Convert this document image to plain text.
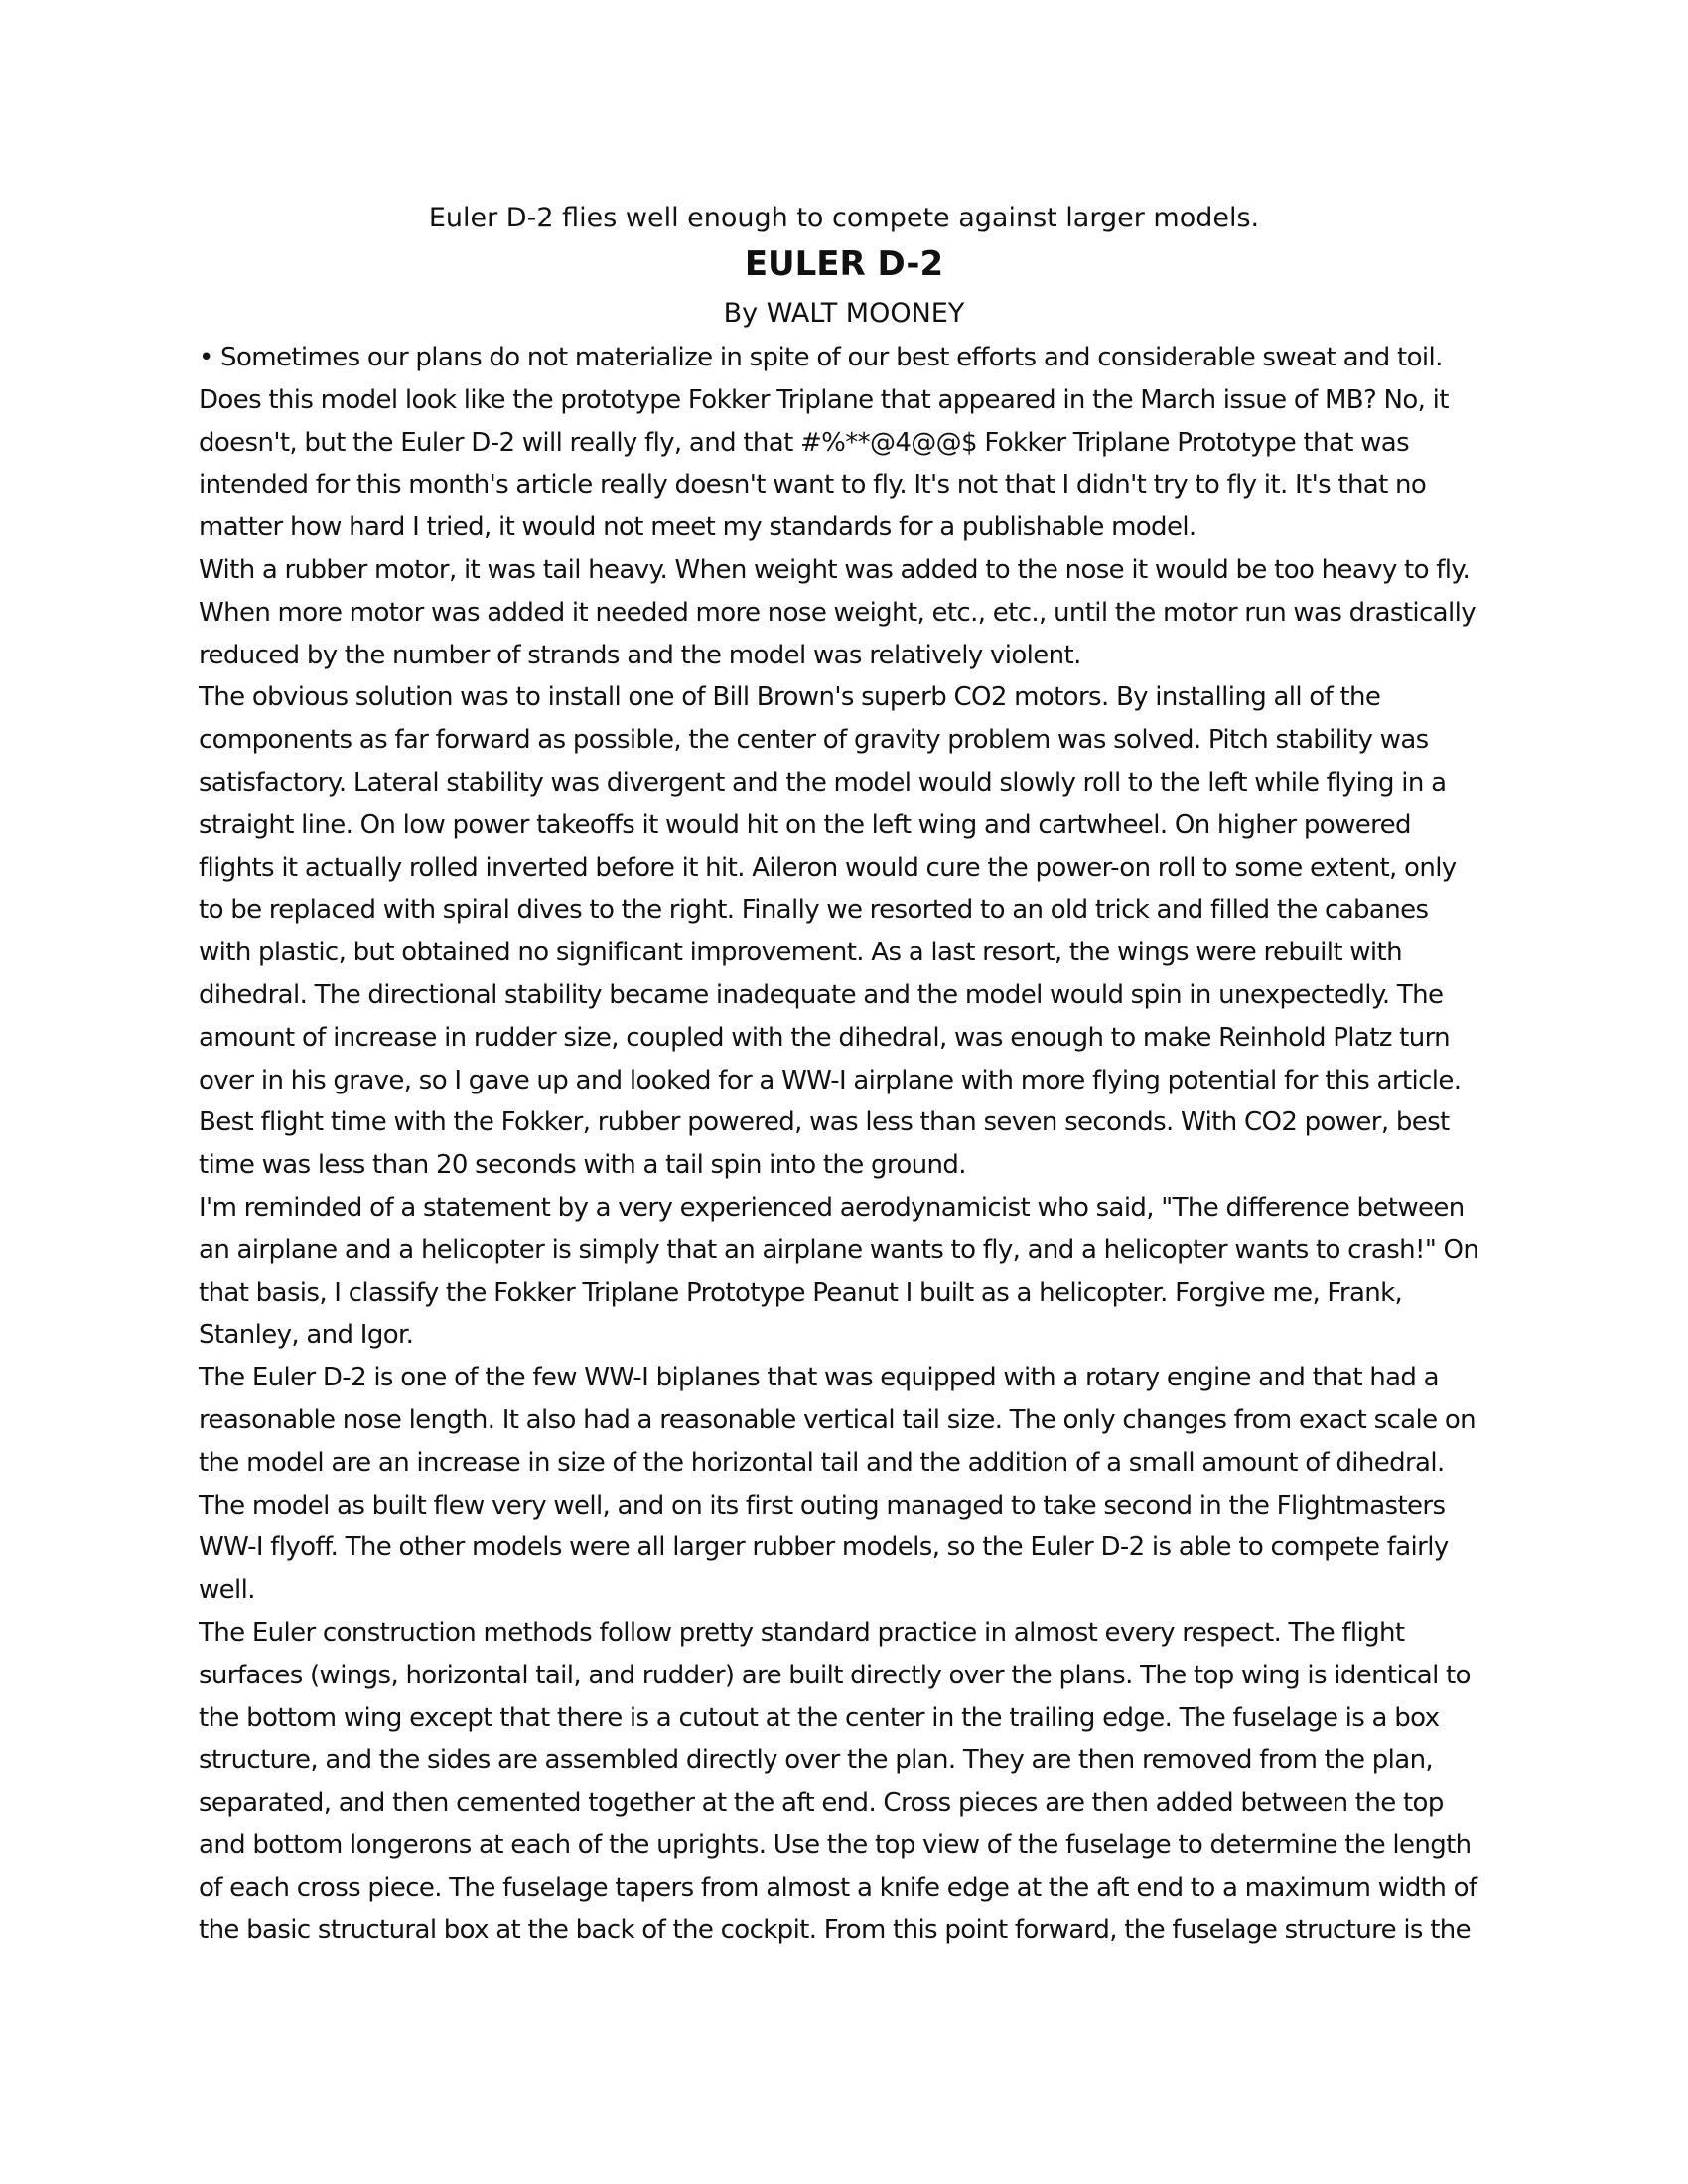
Euler D-2 flies well enough to compete against larger models.
EULER D-2
By WALT MOONEY
• Sometimes our plans do not materialize in spite of our best efforts and considerable sweat and toil.
Does this model look like the prototype Fokker Triplane that appeared in the March issue of MB? No, it
doesn't, but the Euler D-2 will really fly, and that #%**@4@@$ Fokker Triplane Prototype that was
intended for this month's article really doesn't want to fly. It's not that I didn't try to fly it. It's that no
matter how hard I tried, it would not meet my standards for a publishable model.
With a rubber motor, it was tail heavy. When weight was added to the nose it would be too heavy to fly.
When more motor was added it needed more nose weight, etc., etc., until the motor run was drastically
reduced by the number of strands and the model was relatively violent.
The obvious solution was to install one of Bill Brown's superb CO2 motors. By installing all of the
components as far forward as possible, the center of gravity problem was solved. Pitch stability was
satisfactory. Lateral stability was divergent and the model would slowly roll to the left while flying in a
straight line. On low power takeoffs it would hit on the left wing and cartwheel. On higher powered
flights it actually rolled inverted before it hit. Aileron would cure the power-on roll to some extent, only
to be replaced with spiral dives to the right. Finally we resorted to an old trick and filled the cabanes
with plastic, but obtained no significant improvement. As a last resort, the wings were rebuilt with
dihedral. The directional stability became inadequate and the model would spin in unexpectedly. The
amount of increase in rudder size, coupled with the dihedral, was enough to make Reinhold Platz turn
over in his grave, so I gave up and looked for a WW-I airplane with more flying potential for this article.
Best flight time with the Fokker, rubber powered, was less than seven seconds. With CO2 power, best
time was less than 20 seconds with a tail spin into the ground.
I'm reminded of a statement by a very experienced aerodynamicist who said, "The difference between
an airplane and a helicopter is simply that an airplane wants to fly, and a helicopter wants to crash!" On
that basis, I classify the Fokker Triplane Prototype Peanut I built as a helicopter. Forgive me, Frank,
Stanley, and Igor.
The Euler D-2 is one of the few WW-I biplanes that was equipped with a rotary engine and that had a
reasonable nose length. It also had a reasonable vertical tail size. The only changes from exact scale on
the model are an increase in size of the horizontal tail and the addition of a small amount of dihedral.
The model as built flew very well, and on its first outing managed to take second in the Flightmasters
WW-I flyoff. The other models were all larger rubber models, so the Euler D-2 is able to compete fairly
well.
The Euler construction methods follow pretty standard practice in almost every respect. The flight
surfaces (wings, horizontal tail, and rudder) are built directly over the plans. The top wing is identical to
the bottom wing except that there is a cutout at the center in the trailing edge. The fuselage is a box
structure, and the sides are assembled directly over the plan. They are then removed from the plan,
separated, and then cemented together at the aft end. Cross pieces are then added between the top
and bottom longerons at each of the uprights. Use the top view of the fuselage to determine the length
of each cross piece. The fuselage tapers from almost a knife edge at the aft end to a maximum width of
the basic structural box at the back of the cockpit. From this point forward, the fuselage structure is the
